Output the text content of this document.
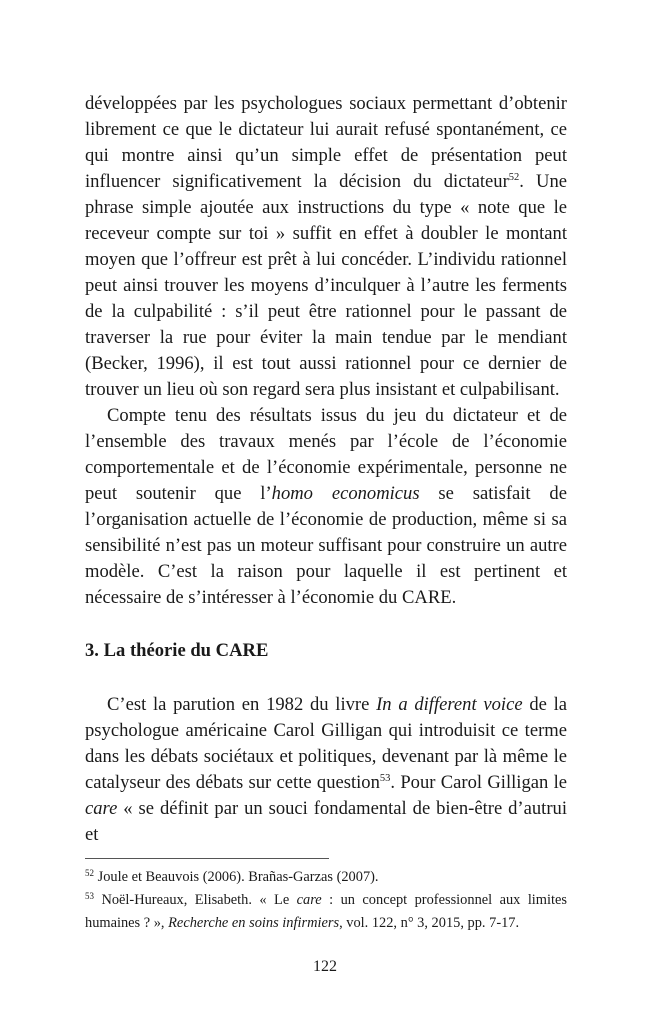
développées par les psychologues sociaux permettant d’obtenir librement ce que le dictateur lui aurait refusé spontanément, ce qui montre ainsi qu’un simple effet de présentation peut influencer significativement la décision du dictateur$^{52}$. Une phrase simple ajoutée aux instructions du type « note que le receveur compte sur toi » suffit en effet à doubler le montant moyen que l’offreur est prêt à lui concéder. L’individu rationnel peut ainsi trouver les moyens d’inculquer à l’autre les ferments de la culpabilité : s’il peut être rationnel pour le passant de traverser la rue pour éviter la main tendue par le mendiant (Becker, 1996), il est tout aussi rationnel pour ce dernier de trouver un lieu où son regard sera plus insistant et culpabilisant.

Compte tenu des résultats issus du jeu du dictateur et de l’ensemble des travaux menés par l’école de l’économie comportementale et de l’économie expérimentale, personne ne peut soutenir que l’homo economicus se satisfait de l’organisation actuelle de l’économie de production, même si sa sensibilité n’est pas un moteur suffisant pour construire un autre modèle. C’est la raison pour laquelle il est pertinent et nécessaire de s’intéresser à l’économie du CARE.

3. La théorie du CARE

C’est la parution en 1982 du livre In a different voice de la psychologue américaine Carol Gilligan qui introduisit ce terme dans les débats sociétaux et politiques, devenant par là même le catalyseur des débats sur cette question$^{53}$. Pour Carol Gilligan le care « se définit par un souci fondamental de bien-être d’autrui et

$^{52}$ Joule et Beauvois (2006). Brañas-Garzas (2007).

$^{53}$ Noël-Hureaux, Elisabeth. « Le care : un concept professionnel aux limites humaines ? », Recherche en soins infirmiers, vol. 122, n° 3, 2015, pp. 7-17.

122
